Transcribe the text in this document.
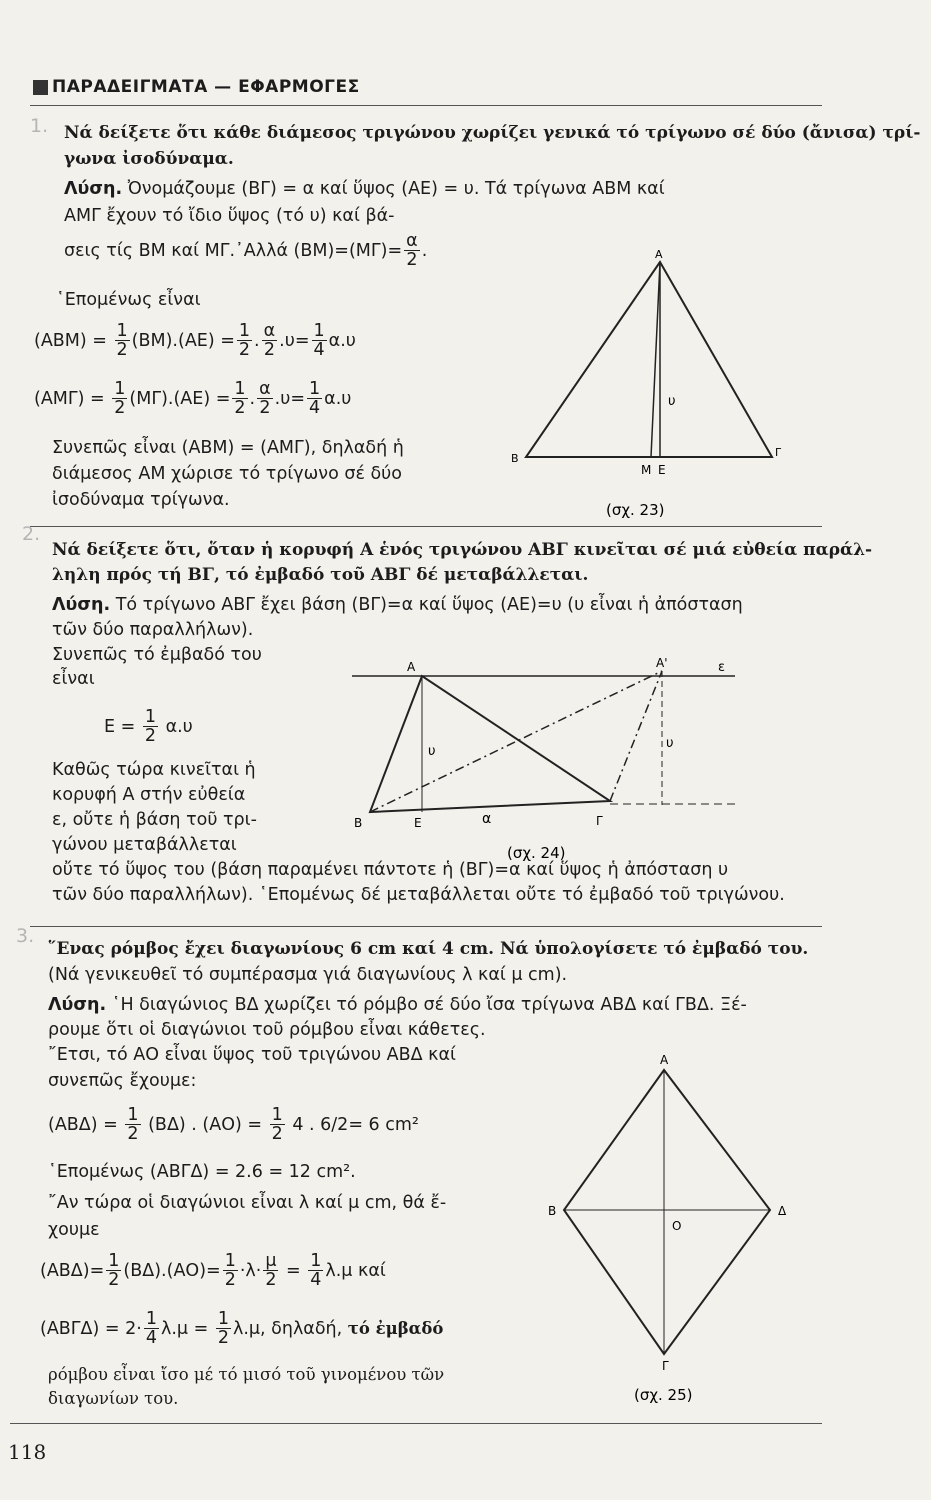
ΠΑΡΑΔΕΙΓΜΑΤΑ — ΕΦΑΡΜΟΓΕΣ
1. Νά δείξετε ὅτι κάθε διάμεσος τριγώνου χωρίζει γενικά τό τρίγωνο σέ δύο (ἄνισα) τρί-
γωνα ἰσοδύναμα.
Λύση. Ὀνομάζουμε (ΒΓ) = α καί ὕψος (ΑΕ) = υ. Τά τρίγωνα ΑΒΜ καί
ΑΜΓ ἔχουν τό ἴδιο ὕψος (τό υ) καί βά-
σεις τίς ΒΜ καί ΜΓ.᾿Αλλά $(BM)=(M\Gamma)= \frac{\alpha}{2}$ .
῾Επομένως εἶναι
$(ABM) = \frac{1}{2} (BM).(AE) = \frac{1}{2}$ . $\frac{\alpha}{2} .\upsilon= \frac{1}{4} \alpha.\upsilon$
$(AM\Gamma) = \frac{1}{2} (M\Gamma).(AE) = \frac{1}{2}$ . $\frac{\alpha}{2} .\upsilon= \frac{1}{4} \alpha.\upsilon$
Συνεπῶς εἶναι (ΑΒΜ) = (ΑΜΓ), δηλαδή ἡ
διάμεσος ΑΜ χώρισε τό τρίγωνο σέ δύο
ἰσοδύναμα τρίγωνα.
A
B	Γ
M E
υ
(σχ. 23)
2.
Νά δείξετε ὅτι, ὅταν ἡ κορυφή Α ἑνός τριγώνου ΑΒΓ κινεῖται σέ μιά εὐθεία παράλ-
ληλη πρός τή ΒΓ, τό ἐμβαδό τοῦ ΑΒΓ δέ μεταβάλλεται.
Λύση. Τό τρίγωνο ΑΒΓ ἔχει βάση (ΒΓ)=α καί ὕψος (ΑΕ)=υ (υ εἶναι ἡ ἀπόσταση
τῶν δύο παραλλήλων).
Συνεπῶς τό ἐμβαδό του
εἶναι
$E = \frac{1}{2} \alpha.\upsilon$
Καθῶς τώρα κινεῖται ἡ
κορυφή Α στήν εὐθεία
ε, οὔτε ἡ βάση τοῦ τρι-
γώνου μεταβάλλεται
οὔτε τό ὕψος του (βάση παραμένει πάντοτε ἡ (ΒΓ)=α καί ὕψος ἡ ἀπόσταση υ
τῶν δύο παραλλήλων). ῾Επομένως δέ μεταβάλλεται οὔτε τό ἐμβαδό τοῦ τριγώνου.
A	A'	ε
B	E	α	Γ
υ
υ
(σχ. 24)
3.
῞Ενας ρόμβος ἔχει διαγωνίους 6 cm καί 4 cm. Νά ὑπολογίσετε τό ἐμβαδό του.
(Νά γενικευθεῖ τό συμπέρασμα γιά διαγωνίους λ καί μ cm).
Λύση. ῾Η διαγώνιος ΒΔ χωρίζει τό ρόμβο σέ δύο ἴσα τρίγωνα ΑΒΔ καί ΓΒΔ. Ξέ-
ρουμε ὅτι οἱ διαγώνιοι τοῦ ρόμβου εἶναι κάθετες.
῎Ετσι, τό ΑΟ εἶναι ὕψος τοῦ τριγώνου ΑΒΔ καί
συνεπῶς ἔχουμε:
$(AB\Delta) = \frac{1}{2} (B\Delta)$ . $(AO) = \frac{1}{2} 4$ . 6/2= 6 cm²
῾Επομένως (ΑΒΓΔ) = 2.6 = 12 cm².
῎Αν τώρα οἱ διαγώνιοι εἶναι λ καί μ cm, θά ἔ-
χουμε
$(AB\Delta)= \frac{1}{2} (B\Delta).(AO)= \frac{1}{2} \cdot\lambda\cdot \frac{\mu}{2} = \frac{1}{4} \lambda.\mu$ καί
$(AB\Gamma\Delta) = 2\cdot \frac{1}{4} \lambda.\mu = \frac{1}{2} \lambda.\mu$, δηλαδή, τό ἐμβαδό
ρόμβου εἶναι ἴσο μέ τό μισό τοῦ γινομένου τῶν
διαγωνίων του.
A
B	Δ
Γ
O
(σχ. 25)
118
